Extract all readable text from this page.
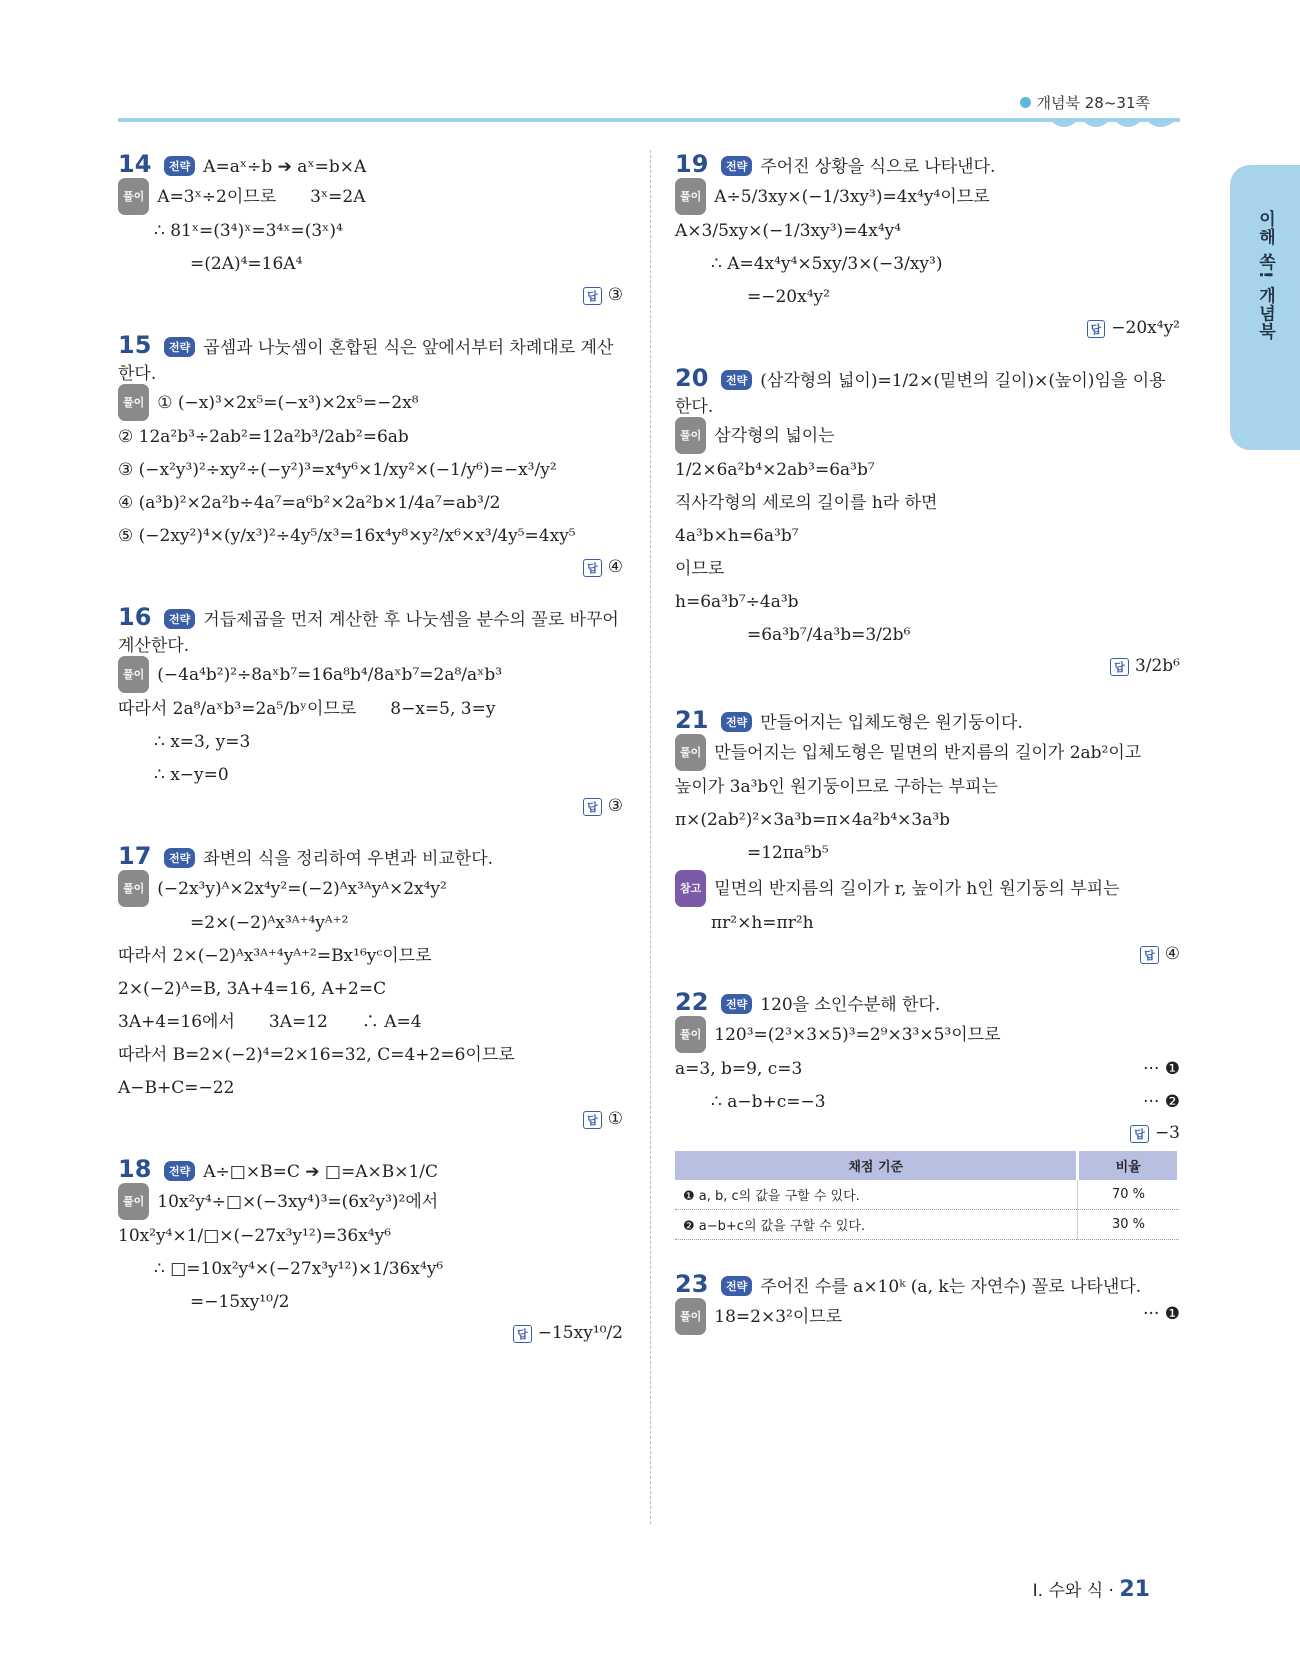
개념북 28~31쪽
이해 쏙! 개념북
14 전략 A=aˣ÷b ➔ aˣ=b×A
풀이 A=3ˣ÷2이므로　　3ˣ=2A
∴ 81ˣ=(3⁴)ˣ=3⁴ˣ=(3ˣ)⁴
=(2A)⁴=16A⁴
답 ③
15 전략 곱셈과 나눗셈이 혼합된 식은 앞에서부터 차례대로 계산한다.
풀이 ① (−x)³×2x⁵=(−x³)×2x⁵=−2x⁸
② 12a²b³÷2ab²=12a²b³/2ab²=6ab
③ (−x²y³)²÷xy²÷(−y²)³=x⁴y⁶×1/xy²×(−1/y⁶)=−x³/y²
④ (a³b)²×2a²b÷4a⁷=a⁶b²×2a²b×1/4a⁷=ab³/2
⑤ (−2xy²)⁴×(y/x³)²÷4y⁵/x³=16x⁴y⁸×y²/x⁶×x³/4y⁵=4xy⁵
답 ④
16 전략 거듭제곱을 먼저 계산한 후 나눗셈을 분수의 꼴로 바꾸어 계산한다.
풀이 (−4a⁴b²)²÷8aˣb⁷=16a⁸b⁴/8aˣb⁷=2a⁸/aˣb³
따라서 2a⁸/aˣb³=2a⁵/bʸ이므로　　8−x=5, 3=y
∴ x=3, y=3
∴ x−y=0
답 ③
17 전략 좌변의 식을 정리하여 우변과 비교한다.
풀이 (−2x³y)ᴬ×2x⁴y²=(−2)ᴬx³ᴬyᴬ×2x⁴y²
=2×(−2)ᴬx³ᴬ⁺⁴yᴬ⁺²
따라서 2×(−2)ᴬx³ᴬ⁺⁴yᴬ⁺²=Bx¹⁶yᶜ이므로
2×(−2)ᴬ=B, 3A+4=16, A+2=C
3A+4=16에서　　3A=12　　∴ A=4
따라서 B=2×(−2)⁴=2×16=32, C=4+2=6이므로
A−B+C=−22
답 ①
18 전략 A÷□×B=C ➔ □=A×B×1/C
풀이 10x²y⁴÷□×(−3xy⁴)³=(6x²y³)²에서
10x²y⁴×1/□×(−27x³y¹²)=36x⁴y⁶
∴ □=10x²y⁴×(−27x³y¹²)×1/36x⁴y⁶
=−15xy¹⁰/2
답 −15xy¹⁰/2
19 전략 주어진 상황을 식으로 나타낸다.
풀이 A÷5/3xy×(−1/3xy³)=4x⁴y⁴이므로
A×3/5xy×(−1/3xy³)=4x⁴y⁴
∴ A=4x⁴y⁴×5xy/3×(−3/xy³)
=−20x⁴y²
답 −20x⁴y²
20 전략 (삼각형의 넓이)=1/2×(밑변의 길이)×(높이)임을 이용한다.
풀이 삼각형의 넓이는
1/2×6a²b⁴×2ab³=6a³b⁷
직사각형의 세로의 길이를 h라 하면
4a³b×h=6a³b⁷
이므로
h=6a³b⁷÷4a³b
=6a³b⁷/4a³b=3/2b⁶
답 3/2b⁶
21 전략 만들어지는 입체도형은 원기둥이다.
풀이 만들어지는 입체도형은 밑면의 반지름의 길이가 2ab²이고
높이가 3a³b인 원기둥이므로 구하는 부피는
π×(2ab²)²×3a³b=π×4a²b⁴×3a³b
=12πa⁵b⁵
참고 밑면의 반지름의 길이가 r, 높이가 h인 원기둥의 부피는
πr²×h=πr²h
답 ④
22 전략 120을 소인수분해 한다.
풀이 120³=(2³×3×5)³=2⁹×3³×5³이므로
a=3, b=9, c=3	··· ❶
∴ a−b+c=−3	··· ❷
답 −3
채점 기준	비율
❶ a, b, c의 값을 구할 수 있다.	70 %
❷ a−b+c의 값을 구할 수 있다.	30 %
23 전략 주어진 수를 a×10ᵏ (a, k는 자연수) 꼴로 나타낸다.
풀이 18=2×3²이므로	··· ❶
Ⅰ. 수와 식 · 21
